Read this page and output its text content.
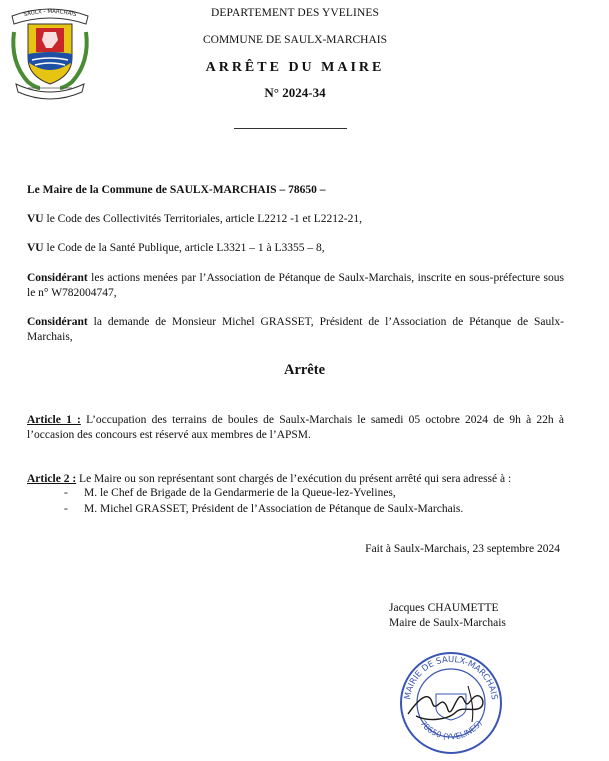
SAULX - MARCHAIS	DEPARTEMENT DES YVELINES
COMMUNE DE SAULX-MARCHAIS
ARRÊTE DU MAIRE
N° 2024-34
Le Maire de la Commune de SAULX-MARCHAIS – 78650 –
VU le Code des Collectivités Territoriales, article L2212 -1 et L2212-21,
VU le Code de la Santé Publique, article L3321 – 1 à L3355 – 8,
Considérant les actions menées par l’Association de Pétanque de Saulx-Marchais, inscrite en sous-préfecture sous le n° W782004747,
Considérant la demande de Monsieur Michel GRASSET, Président de l’Association de Pétanque de Saulx-Marchais,
Arrête
Article 1 : L’occupation des terrains de boules de Saulx-Marchais le samedi 05 octobre 2024 de 9h à 22h à l’occasion des concours est réservé aux membres de l’APSM.
Article 2 : Le Maire ou son représentant sont chargés de l’exécution du présent arrêté qui sera adressé à :
- M. le Chef de Brigade de la Gendarmerie de la Queue-lez-Yvelines,
- M. Michel GRASSET, Président de l’Association de Pétanque de Saulx-Marchais.
Fait à Saulx-Marchais, 23 septembre 2024
Jacques CHAUMETTE
Maire de Saulx-Marchais
MAIRIE DE SAULX-MARCHAIS
78650 (YVELINES)
